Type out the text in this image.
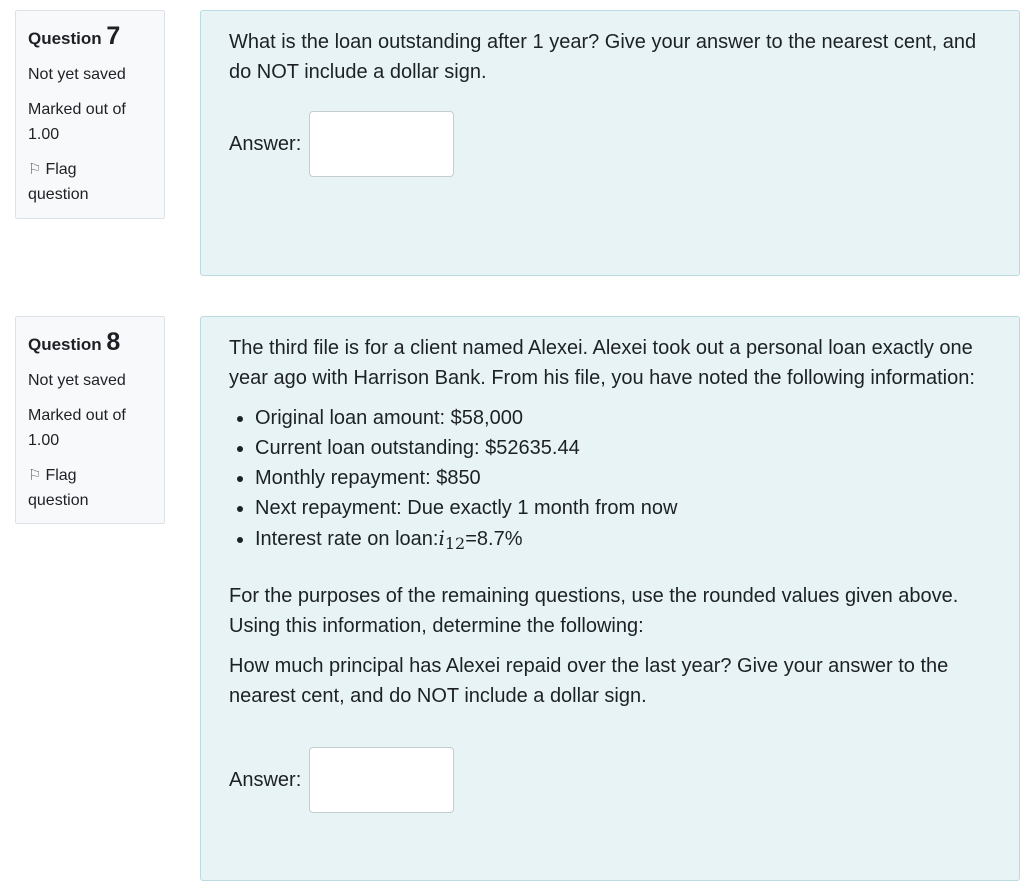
Question 7
Not yet saved
Marked out of
1.00
⚐ Flag
question

What is the loan outstanding after 1 year? Give your answer to the nearest cent, and do NOT include a dollar sign.

Answer:
Question 8
Not yet saved
Marked out of
1.00
⚐ Flag
question

The third file is for a client named Alexei. Alexei took out a personal loan exactly one year ago with Harrison Bank. From his file, you have noted the following information:

• Original loan amount: $58,000
• Current loan outstanding: $52635.44
• Monthly repayment: $850
• Next repayment: Due exactly 1 month from now
• Interest rate on $loan:i_{12}=8.7\%$

For the purposes of the remaining questions, use the rounded values given above. Using this information, determine the following:

How much principal has Alexei repaid over the last year? Give your answer to the nearest cent, and do NOT include a dollar sign.

Answer:
